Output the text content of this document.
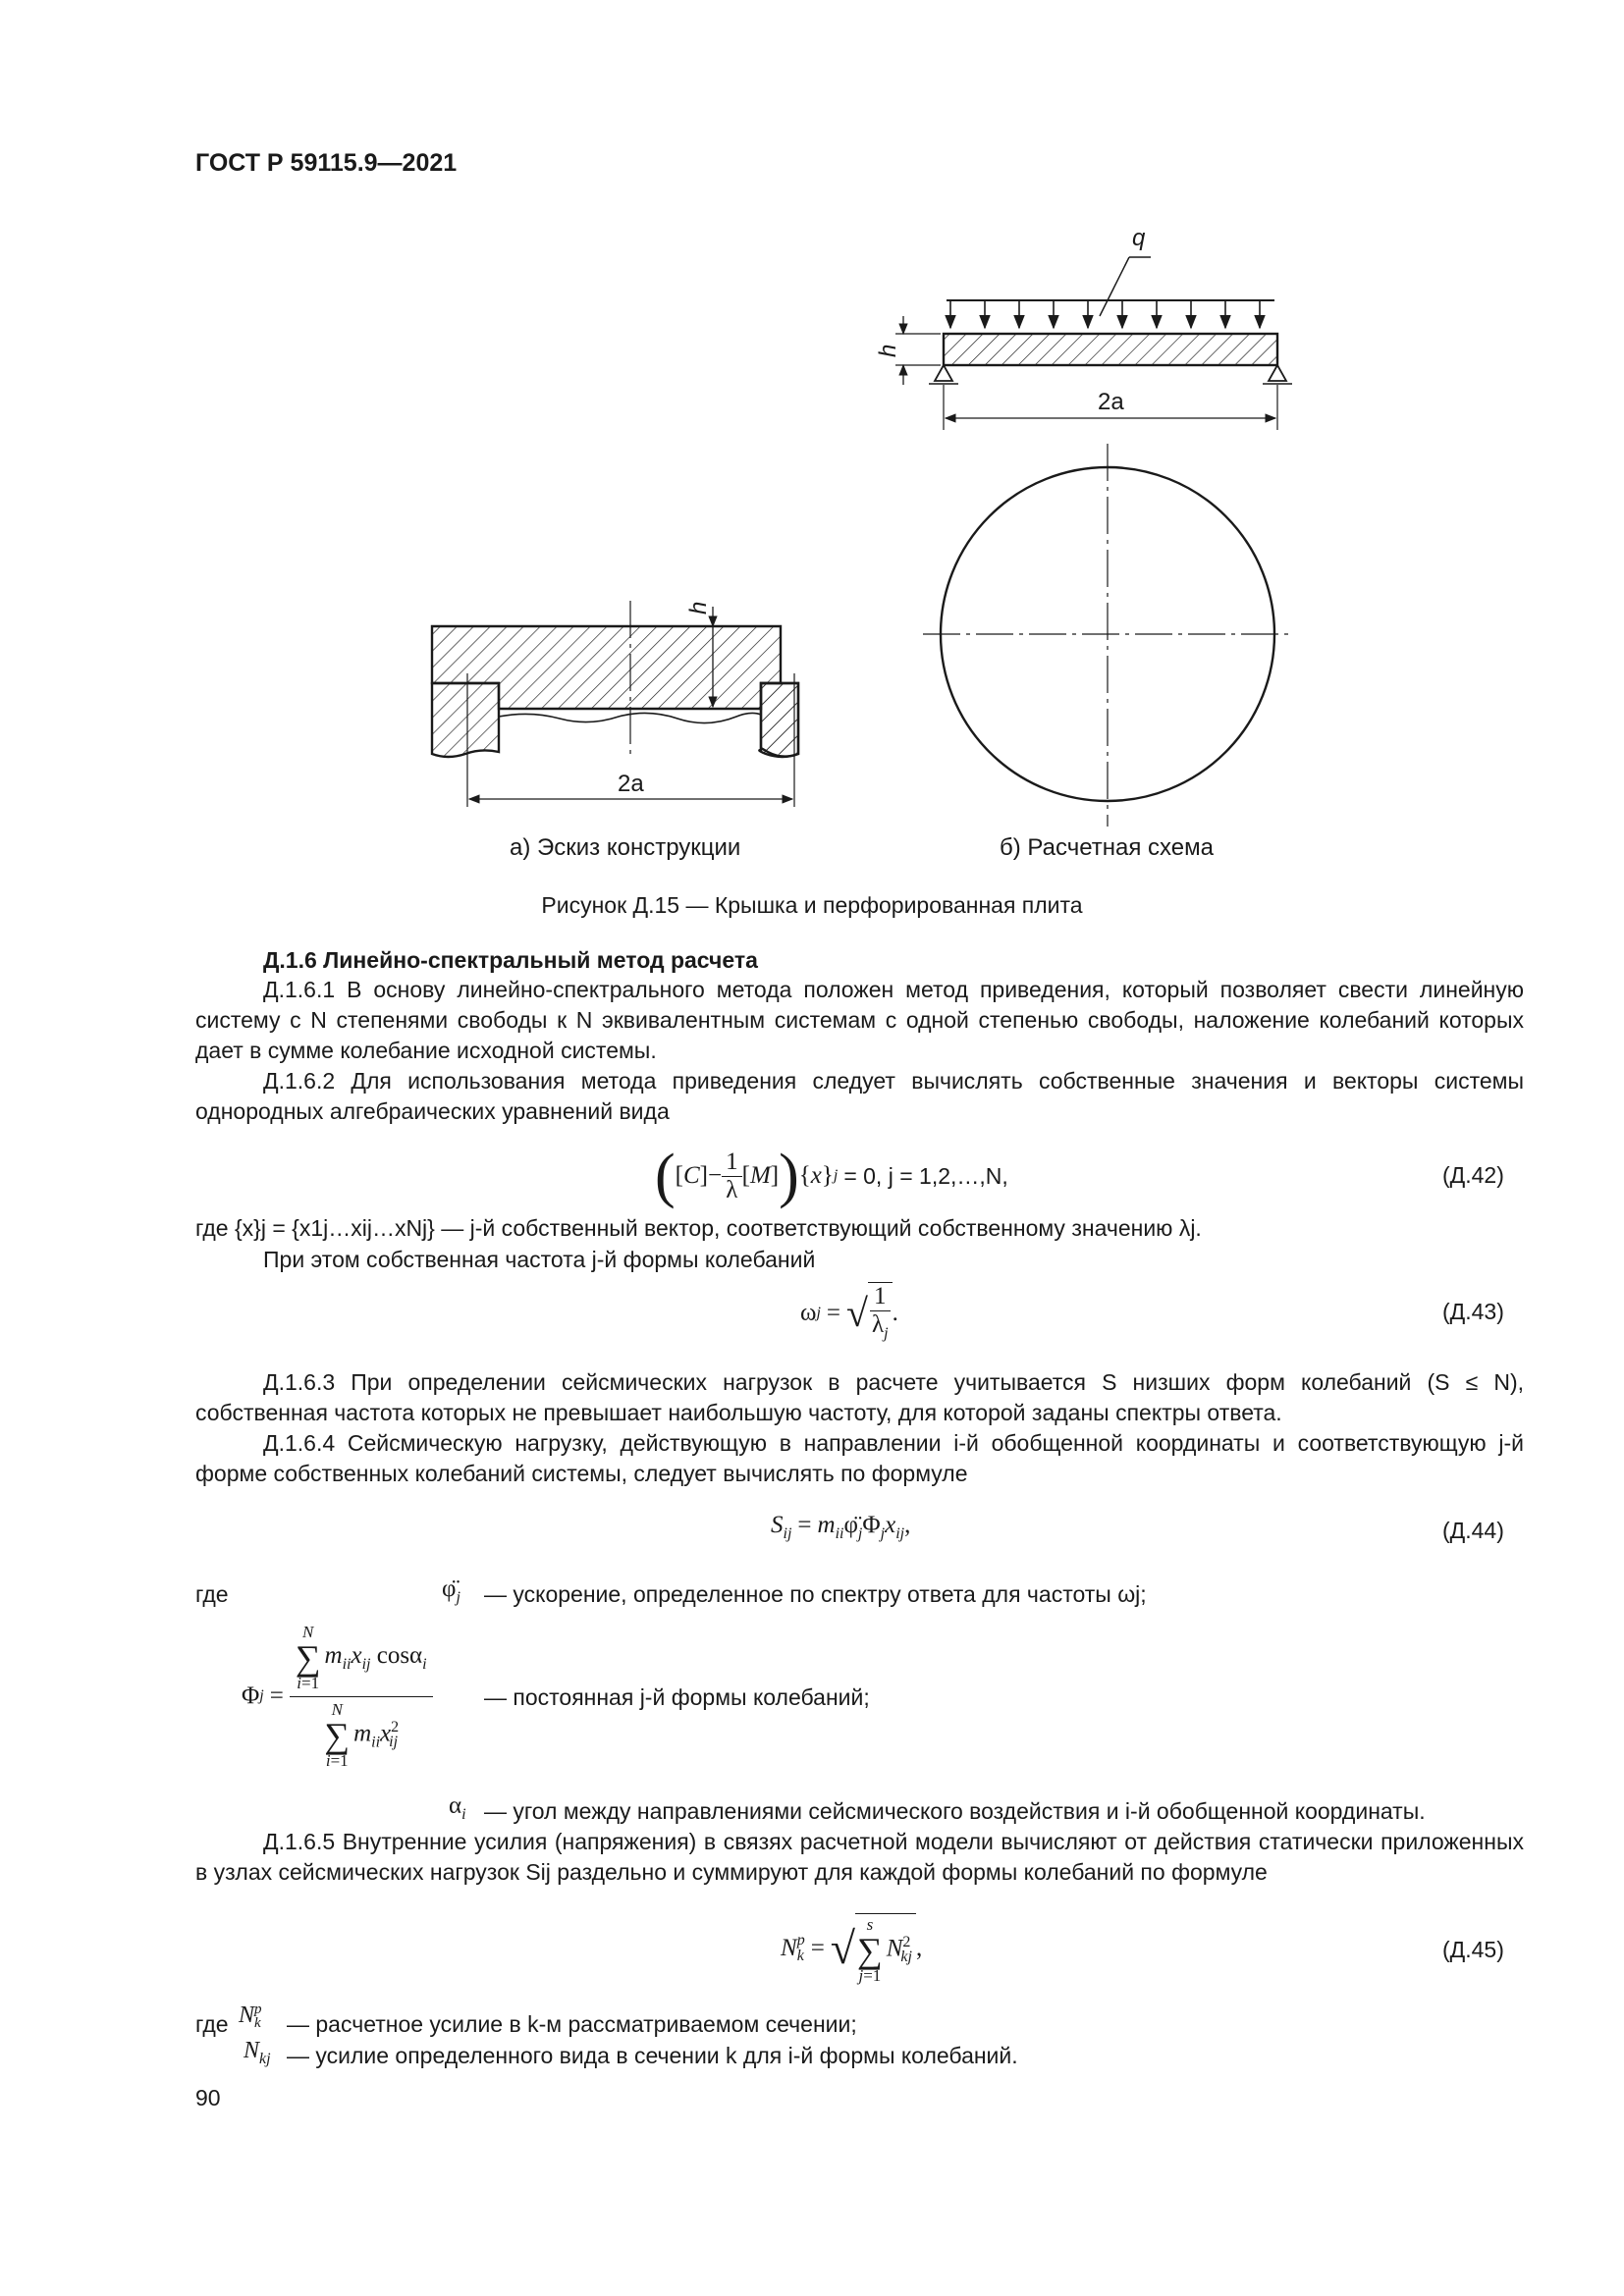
ГОСТ Р 59115.9—2021
q
h
2a
h
2a
а) Эскиз конструкции	б) Расчетная схема
Рисунок Д.15 — Крышка и перфорированная плита
Д.1.6 Линейно-спектральный метод расчета
Д.1.6.1 В основу линейно-спектрального метода положен метод приведения, который позволяет свести линейную систему с N степенями свободы к N эквивалентным системам с одной степенью свободы, наложение колебаний которых дает в сумме колебание исходной системы.
Д.1.6.2 Для использования метода приведения следует вычислять собственные значения и векторы системы однородных алгебраических уравнений вида
( [ C ] − $\frac{1}{\lambda}$ [ M ] ) { x } j = 0, j = 1,2,…,N,	(Д.42)
где {x}j = {x1j…xij…xNj} — j-й собственный вектор, соответствующий собственному значению λj.
При этом собственная частота j-й формы колебаний
ω j = √ $\frac{1}{\lambda_j}$ .	(Д.43)
Д.1.6.3 При определении сейсмических нагрузок в расчете учитывается S низших форм колебаний (S ≤ N), собственная частота которых не превышает наибольшую частоту, для которой заданы спектры ответа.
Д.1.6.4 Сейсмическую нагрузку, действующую в направлении i-й обобщенной координаты и соответствующую j-й форме собственных колебаний системы, следует вычислять по формуле
$S_{ij}$ = $m_{ii}\varphï_j\Phi_jx_{ij}$,	(Д.44)
где	$\varphï_j$ — ускорение, определенное по спектру ответа для частоты ωj;
Φ j =
N
∑
i=1
$m_{ii}x_{ij}$ cosα$_i$
N
∑
i=1
$m_{ii}x^2_{ij}$
— постоянная j-й формы колебаний;
$\alpha_i$ — угол между направлениями сейсмического воздействия и i-й обобщенной координаты.
Д.1.6.5 Внутренние усилия (напряжения) в связях расчетной модели вычисляют от действия статически приложенных в узлах сейсмических нагрузок Sij раздельно и суммируют для каждой формы колебаний по формуле
N p
k = √ s
∑
j=1
$N^2_{kj}$ ,	(Д.45)
где N p
k — расчетное усилие в k-м рассматриваемом сечении;
$N_{kj}$ — усилие определенного вида в сечении k для i-й формы колебаний.
90
